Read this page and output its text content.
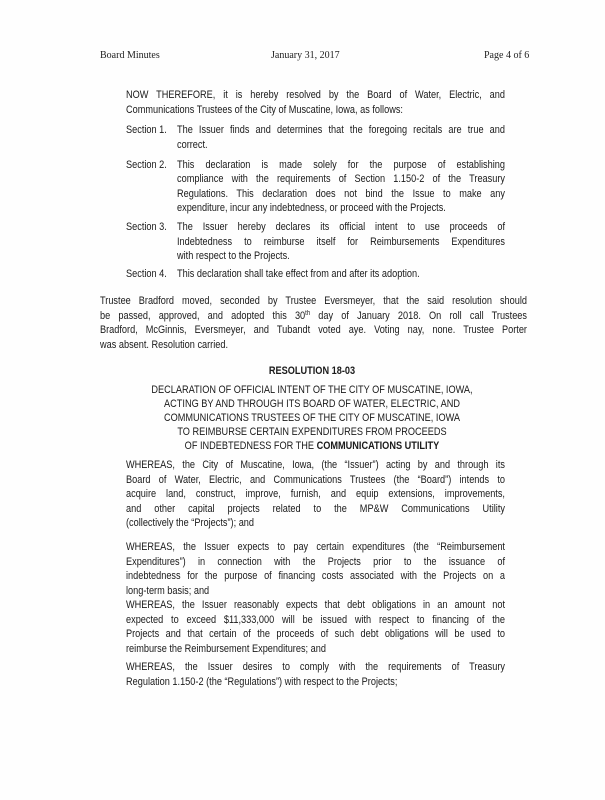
Board Minutes	January 31, 2017	Page 4 of 6
NOW THEREFORE, it is hereby resolved by the Board of Water, Electric, and
Communications Trustees of the City of Muscatine, Iowa, as follows:
Section 1. The Issuer finds and determines that the foregoing recitals are true and
correct.
Section 2. This declaration is made solely for the purpose of establishing
compliance with the requirements of Section 1.150-2 of the Treasury
Regulations. This declaration does not bind the Issue to make any
expenditure, incur any indebtedness, or proceed with the Projects.
Section 3. The Issuer hereby declares its official intent to use proceeds of
Indebtedness to reimburse itself for Reimbursements Expenditures
with respect to the Projects.
Section 4. This declaration shall take effect from and after its adoption.
Trustee Bradford moved, seconded by Trustee Eversmeyer, that the said resolution should
be passed, approved, and adopted this 30th day of January 2018. On roll call Trustees
Bradford, McGinnis, Eversmeyer, and Tubandt voted aye. Voting nay, none. Trustee Porter
was absent. Resolution carried.
RESOLUTION 18-03
DECLARATION OF OFFICIAL INTENT OF THE CITY OF MUSCATINE, IOWA,
ACTING BY AND THROUGH ITS BOARD OF WATER, ELECTRIC, AND
COMMUNICATIONS TRUSTEES OF THE CITY OF MUSCATINE, IOWA
TO REIMBURSE CERTAIN EXPENDITURES FROM PROCEEDS
OF INDEBTEDNESS FOR THE COMMUNICATIONS UTILITY
WHEREAS, the City of Muscatine, Iowa, (the “Issuer”) acting by and through its
Board of Water, Electric, and Communications Trustees (the “Board”) intends to
acquire land, construct, improve, furnish, and equip extensions, improvements,
and other capital projects related to the MP&W Communications Utility
(collectively the “Projects”); and
WHEREAS, the Issuer expects to pay certain expenditures (the “Reimbursement
Expenditures”) in connection with the Projects prior to the issuance of
indebtedness for the purpose of financing costs associated with the Projects on a
long-term basis; and
WHEREAS, the Issuer reasonably expects that debt obligations in an amount not
expected to exceed $11,333,000 will be issued with respect to financing of the
Projects and that certain of the proceeds of such debt obligations will be used to
reimburse the Reimbursement Expenditures; and
WHEREAS, the Issuer desires to comply with the requirements of Treasury
Regulation 1.150-2 (the “Regulations”) with respect to the Projects;
